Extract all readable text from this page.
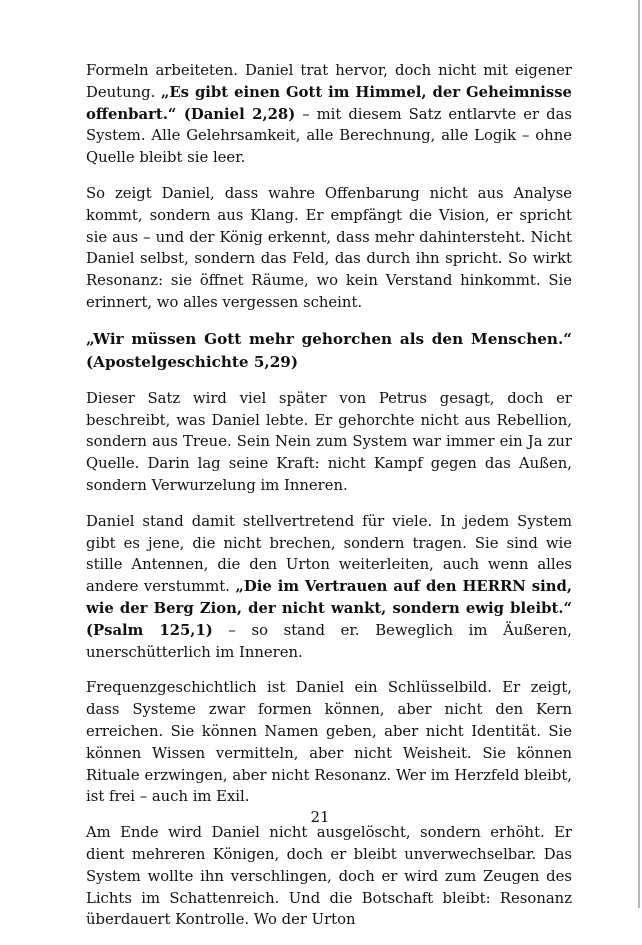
Formeln arbeiteten. Daniel trat hervor, doch nicht mit eigener Deutung. „Es gibt einen Gott im Himmel, der Geheimnisse offenbart.“ (Daniel 2,28) – mit diesem Satz entlarvte er das System. Alle Gelehrsamkeit, alle Berechnung, alle Logik – ohne Quelle bleibt sie leer.

So zeigt Daniel, dass wahre Offenbarung nicht aus Analyse kommt, sondern aus Klang. Er empfängt die Vision, er spricht sie aus – und der König erkennt, dass mehr dahintersteht. Nicht Daniel selbst, sondern das Feld, das durch ihn spricht. So wirkt Resonanz: sie öffnet Räume, wo kein Verstand hinkommt. Sie erinnert, wo alles vergessen scheint.

„Wir müssen Gott mehr gehorchen als den Menschen.“ (Apostelgeschichte 5,29)

Dieser Satz wird viel später von Petrus gesagt, doch er beschreibt, was Daniel lebte. Er gehorchte nicht aus Rebellion, sondern aus Treue. Sein Nein zum System war immer ein Ja zur Quelle. Darin lag seine Kraft: nicht Kampf gegen das Außen, sondern Verwurzelung im Inneren.

Daniel stand damit stellvertretend für viele. In jedem System gibt es jene, die nicht brechen, sondern tragen. Sie sind wie stille Antennen, die den Urton weiterleiten, auch wenn alles andere verstummt. „Die im Vertrauen auf den HERRN sind, wie der Berg Zion, der nicht wankt, sondern ewig bleibt.“ (Psalm 125,1) – so stand er. Beweglich im Äußeren, unerschütterlich im Inneren.

Frequenzgeschichtlich ist Daniel ein Schlüsselbild. Er zeigt, dass Systeme zwar formen können, aber nicht den Kern erreichen. Sie können Namen geben, aber nicht Identität. Sie können Wissen vermitteln, aber nicht Weisheit. Sie können Rituale erzwingen, aber nicht Resonanz. Wer im Herzfeld bleibt, ist frei – auch im Exil.

Am Ende wird Daniel nicht ausgelöscht, sondern erhöht. Er dient mehreren Königen, doch er bleibt unverwechselbar. Das System wollte ihn verschlingen, doch er wird zum Zeugen des Lichts im Schattenreich. Und die Botschaft bleibt: Resonanz überdauert Kontrolle. Wo der Urton

21
